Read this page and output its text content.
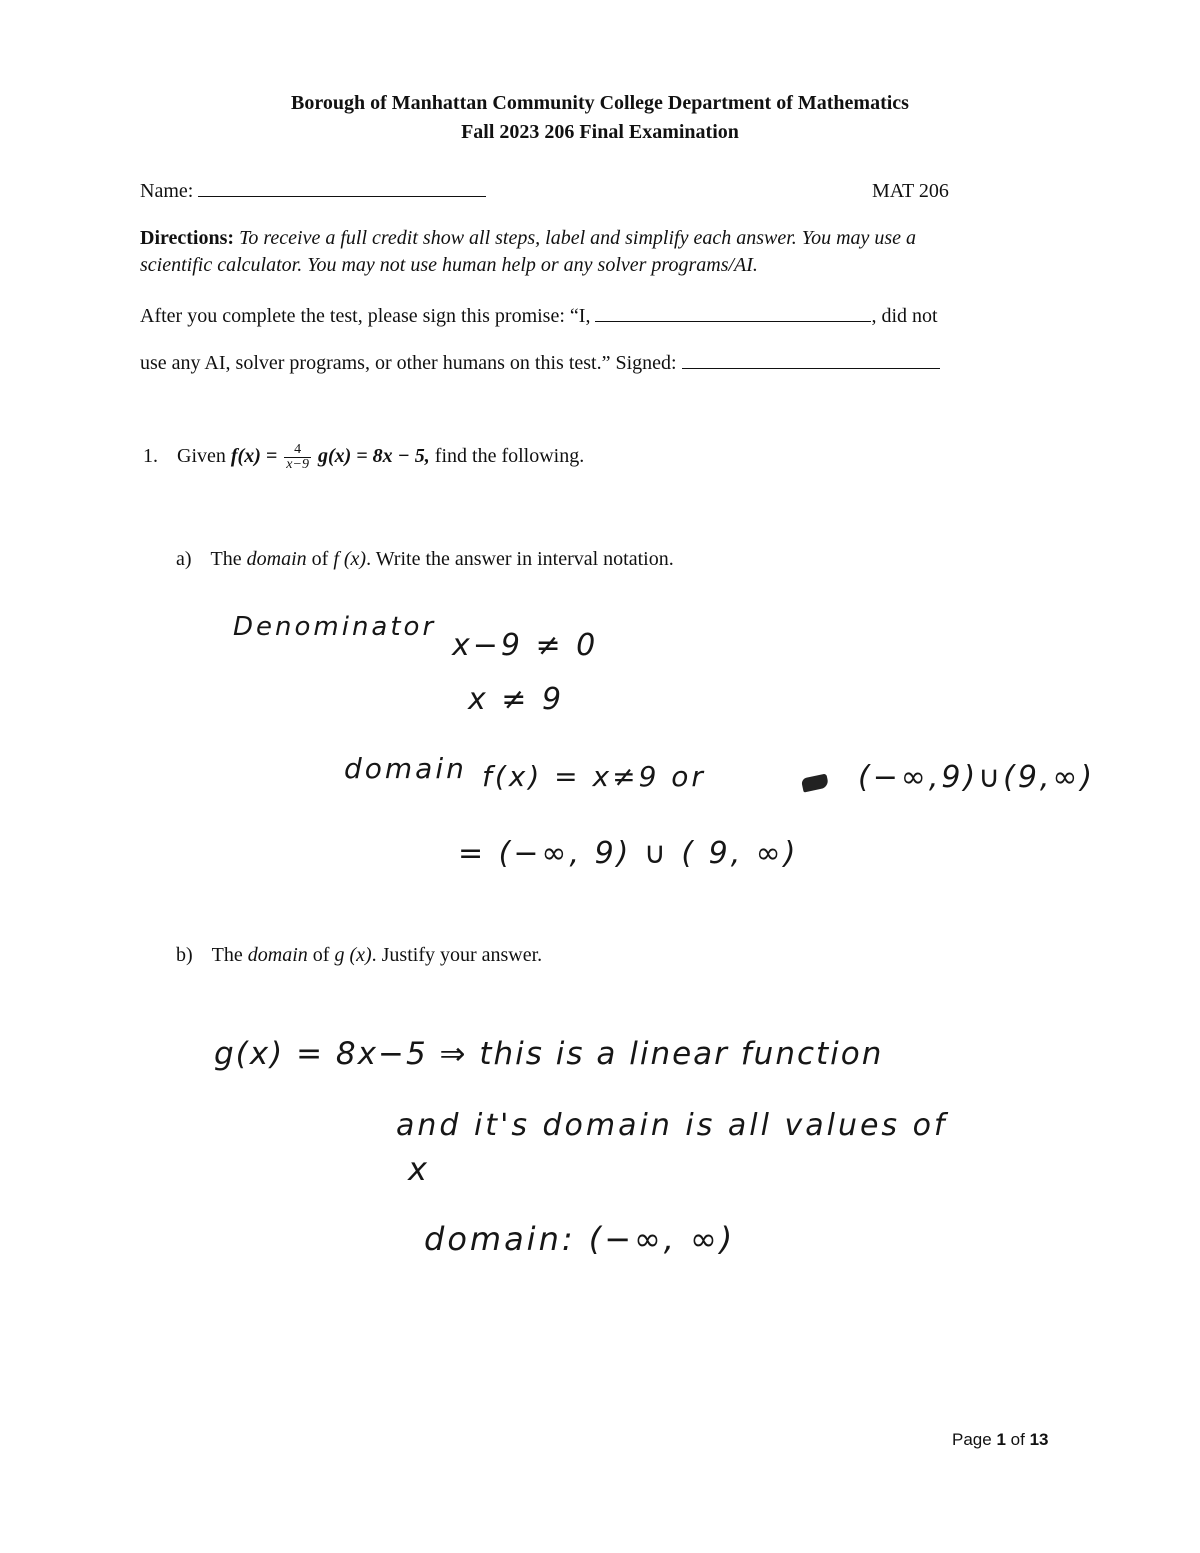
Borough of Manhattan Community College Department of Mathematics
Fall 2023 206 Final Examination
Name:	MAT 206
Directions: To receive a full credit show all steps, label and simplify each answer. You may use a
scientific calculator. You may not use human help or any solver programs/AI.
After you complete the test, please sign this promise: “I,	, did not
use any AI, solver programs, or other humans on this test.” Signed:
1. Given $f(x) = \frac{4}{x-9} g(x) = 8x - 5$, find the following.
a) The domain of f (x). Write the answer in interval notation.
Denominator
x−9 ≠ 0
x ≠ 9
domain f(x) = x≠9 or	(−∞,9)∪(9,∞)
= (−∞, 9) ∪ ( 9, ∞)
b) The domain of g (x). Justify your answer.
g(x) = 8x−5 ⇒ this is a linear function
and it's domain is all values of
x
domain: (−∞, ∞)
Page 1 of 13
